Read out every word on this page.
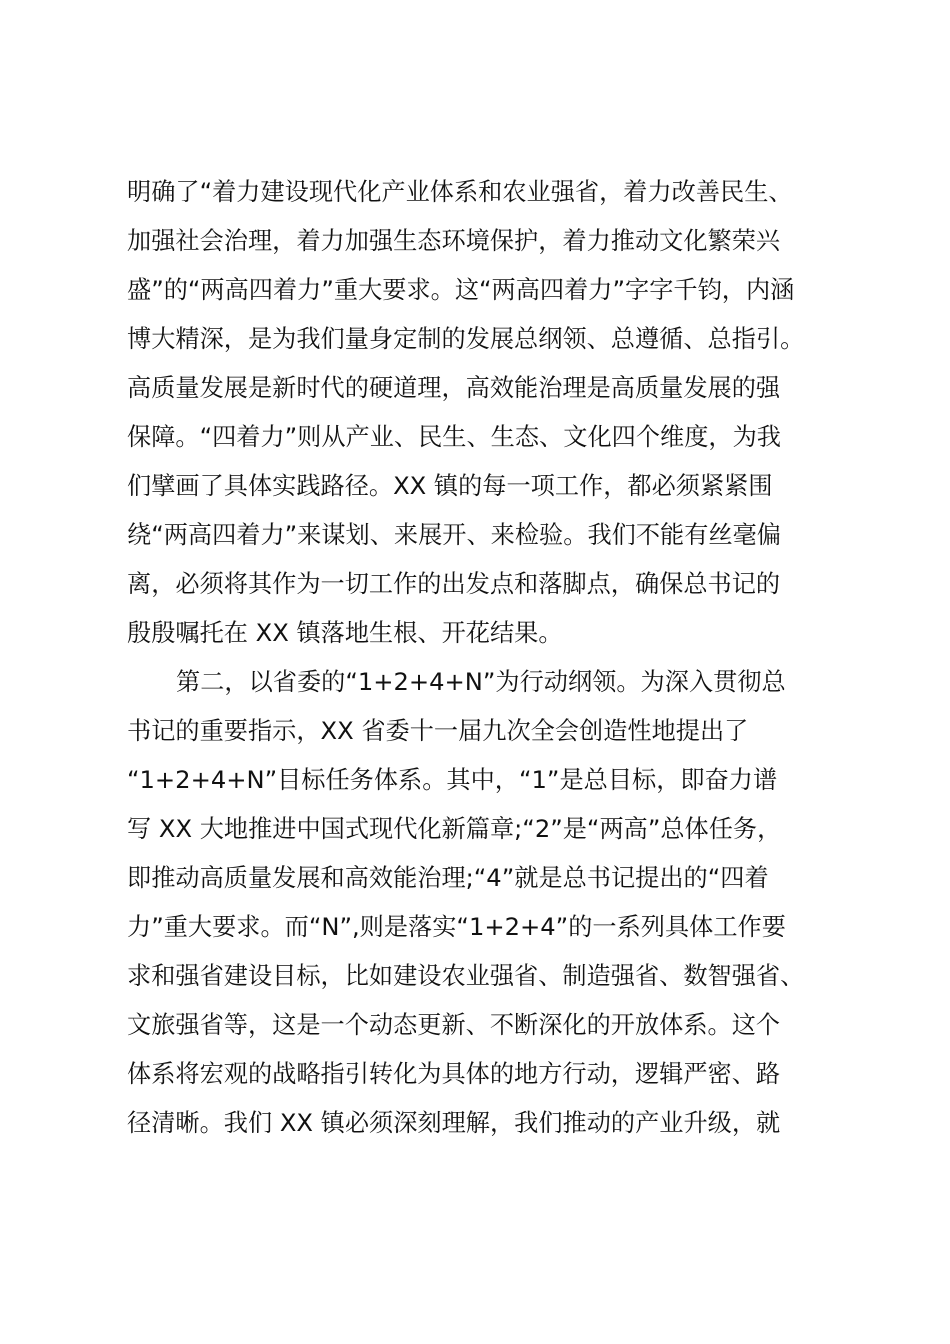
明确了“着力建设现代化产业体系和农业强省，着力改善民生、
加强社会治理，着力加强生态环境保护，着力推动文化繁荣兴
盛”的“两高四着力”重大要求。这“两高四着力”字字千钧，内涵
博大精深，是为我们量身定制的发展总纲领、总遵循、总指引。
高质量发展是新时代的硬道理，高效能治理是高质量发展的强
保障。“四着力”则从产业、民生、生态、文化四个维度，为我
们擘画了具体实践路径。XX 镇的每一项工作，都必须紧紧围
绕“两高四着力”来谋划、来展开、来检验。我们不能有丝毫偏
离，必须将其作为一切工作的出发点和落脚点，确保总书记的
殷殷嘱托在 XX 镇落地生根、开花结果。
第二，以省委的“1+2+4+N”为行动纲领。为深入贯彻总
书记的重要指示，XX 省委十一届九次全会创造性地提出了
“1+2+4+N”目标任务体系。其中，“1”是总目标，即奋力谱
写 XX 大地推进中国式现代化新篇章;“2”是“两高”总体任务，
即推动高质量发展和高效能治理;“4”就是总书记提出的“四着
力”重大要求。而“N”,则是落实“1+2+4”的一系列具体工作要
求和强省建设目标，比如建设农业强省、制造强省、数智强省、
文旅强省等，这是一个动态更新、不断深化的开放体系。这个
体系将宏观的战略指引转化为具体的地方行动，逻辑严密、路
径清晰。我们 XX 镇必须深刻理解，我们推动的产业升级，就
